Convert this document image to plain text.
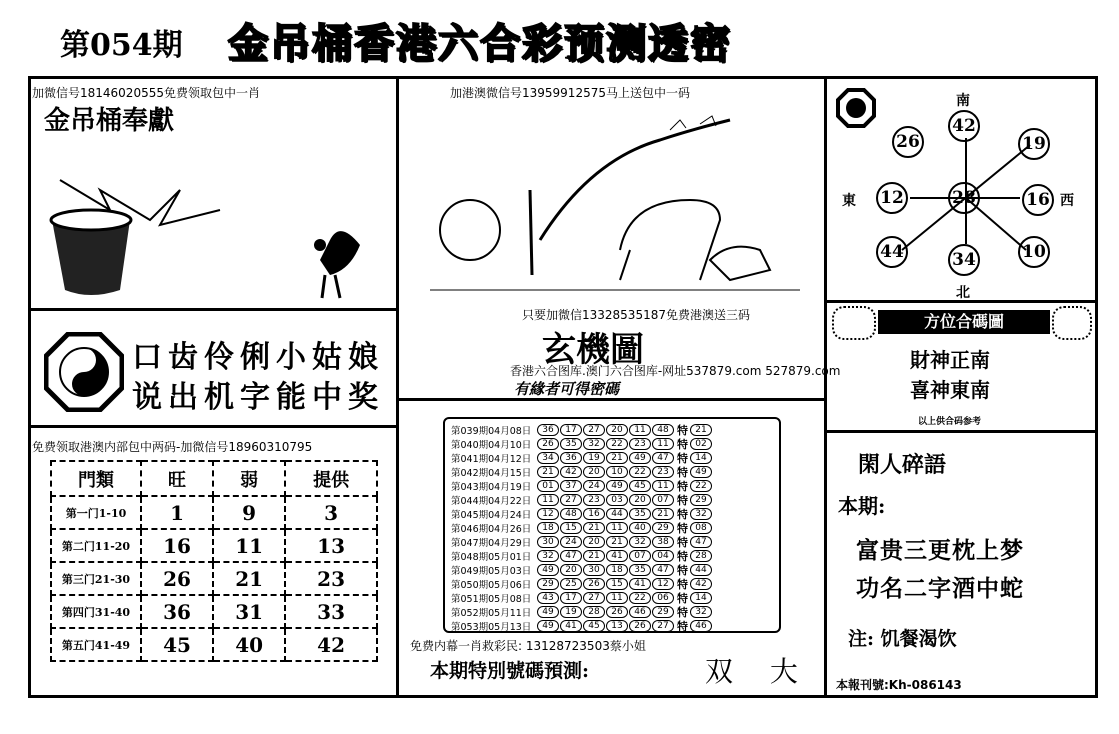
第054期 金吊桶香港六合彩预测透密
加微信号18146020555免费领取包中一肖
金吊桶奉獻
口齿伶俐小姑娘
说出机字能中奖
免费领取港澳内部包中两码-加微信号18960310795
門類	旺	弱	提供
第一门1-10	1	9	3
第二门11-20	16	11	13
第三门21-30	26	21	23
第四门31-40	36	31	33
第五门41-49	45	40	42
加港澳微信号13959912575马上送包中一码
只要加微信13328535187免费港澳送三码
玄機圖
香港六合图库.澳门六合图库-网址537879.com 527879.com
有緣者可得密碼
第039期04月08日	36	17	27	20	11	48 特 21
第040期04月10日	26	35	32	22	23	11 特 02
第041期04月12日	34	36	19	21	49	47 特 14
第042期04月15日	21	42	20	10	22	23 特 49
第043期04月19日	01	37	24	49	45	11 特 22
第044期04月22日	11	27	23	03	20	07 特 29
第045期04月24日	12	48	16	44	35	21 特 32
第046期04月26日	18	15	21	11	40	29 特 08
第047期04月29日	30	24	20	21	32	38 特 47
第048期05月01日	32	47	21	41	07	04 特 28
第049期05月03日	49	20	30	18	35	47 特 44
第050期05月06日	29	25	26	15	41	12 特 42
第051期05月08日	43	17	27	11	22	06 特 14
第052期05月11日	49	19	28	26	46	29 特 32
第053期05月13日	49	41	45	13	26	27 特 46
免费内幕一肖救彩民: 13128723503蔡小姐
本期特別號碼預測:	双 大
南
北
東	西
28
42
19
16
10
34
44
12
26
方位合碼圖
財神正南
喜神東南
以上供合码参考
閑人碎語
本期:
富贵三更枕上梦
功名二字酒中蛇
注: 饥餐渴饮
本報刊號:Kh-086143
